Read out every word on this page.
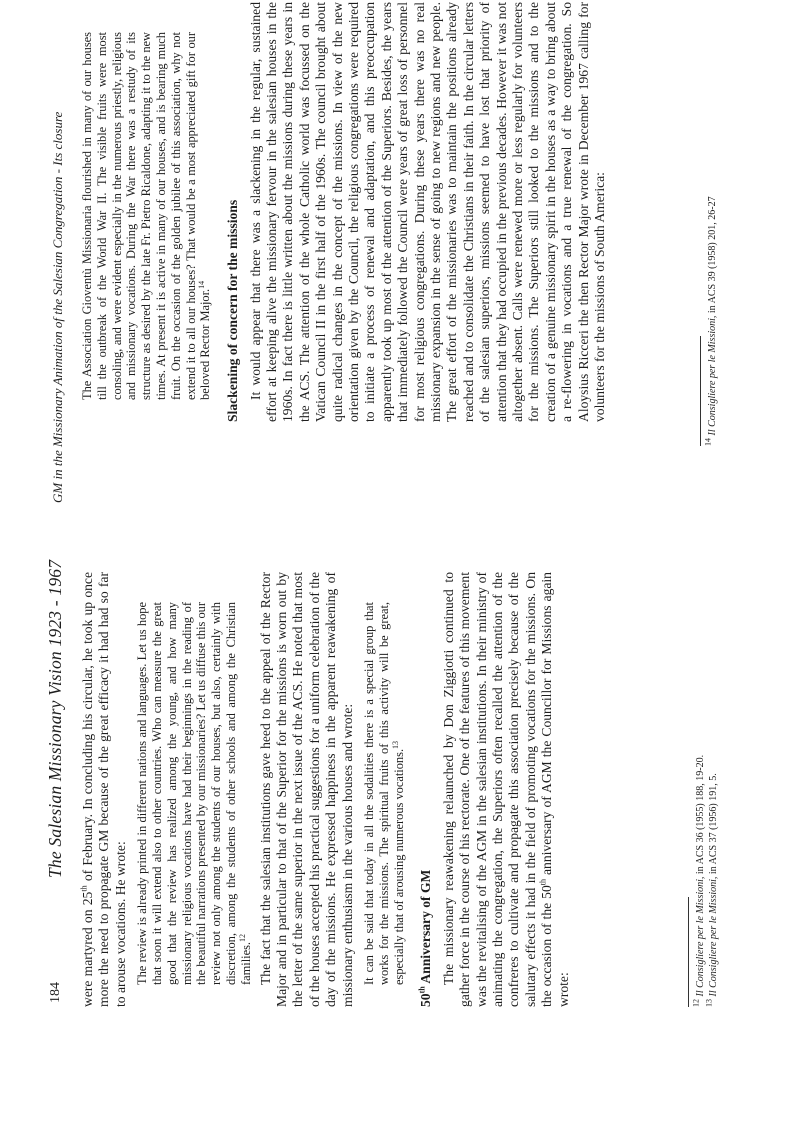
184
The Salesian Missionary Vision 1923 - 1967

were martyred on 25th of February. In concluding his circular, he took up once more the need to propagate GM because of the great efficacy it had had so far to arouse vocations. He wrote: The review is already printed in different nations and languages. Let us hope that soon it will extend also to other countries. Who can measure the great good that the review has realized among the young, and how many missionary religious vocations have had their beginnings in the reading of the beautiful narrations presented by our missionaries? Let us diffuse this our review not only among the students of our houses, but also, certainly with discretion, among the students of other schools and among the Christian families.$^{12}$ The fact that the salesian institutions gave heed to the appeal of the Rector Major and in particular to that of the Superior for the missions is worn out by the letter of the same superior in the next issue of the ACS. He noted that most of the houses accepted his practical suggestions for a uniform celebration of the day of the missions. He expressed happiness in the apparent reawakening of missionary enthusiasm in the various houses and wrote: It can be said that today in all the sodalities there is a special group that works for the missions. The spiritual fruits of this activity will be great, especially that of arousing numerous vocations.$^{13}$
50th Anniversary of GM The missionary reawakening relaunched by Don Ziggiotti continued to gather force in the course of his rectorate. One of the features of this movement was the revitalising of the AGM in the salesian institutions. In their ministry of animating the congregation, the Superiors often recalled the attention of the confreres to cultivate and propagate this association precisely because of the salutary effects it had in the field of promoting vocations for the missions. On the occasion of the 50th anniversary of AGM the Councillor for Missions again wrote:	$^{12}$ Il Consigliere per le Missioni, in ACS 36 (1955) 188, 19-20.
$^{13}$ Il Consigliere per le Missioni, in ACS 37 (1956) 191, 5.
GM in the Missionary Animation of the Salesian Congregation - Its closure The Association Gioventù Missionaria flourished in many of our houses till the outbreak of the World War II. The visible fruits were most consoling, and were evident especially in the numerous priestly, religious and missionary vocations. During the War there was a restudy of its structure as desired by the late Fr. Pietro Ricaldone, adapting it to the new times. At present it is active in many of our houses, and is bearing much fruit. On the occasion of the golden jubilee of this association, why not extend it to all our houses? That would be a most appreciated gift for our beloved Rector Major.$^{14}$	Slackening of concern for the missions It would appear that there was a slackening in the regular, sustained effort at keeping alive the missionary fervour in the salesian houses in the 1960s. In fact there is little written about the missions during these years in the ACS. The attention of the whole Catholic world was focussed on the Vatican Council II in the first half of the 1960s. The council brought about quite radical changes in the concept of the missions. In view of the new orientation given by the Council, the religious congregations were required to initiate a process of renewal and adaptation, and this preoccupation apparently took up most of the attention of the Superiors. Besides, the years that immediately followed the Council were years of great loss of personnel for most religious congregations. During these years there was no real missionary expansion in the sense of going to new regions and new people. The great effort of the missionaries was to maintain the positions already reached and to consolidate the Christians in their faith. In the circular letters of the salesian superiors, missions seemed to have lost that priority of attention that they had occupied in the previous decades. However it was not altogether absent. Calls were renewed more or less regularly for volunteers for the missions. The Superiors still looked to the missions and to the creation of a genuine missionary spirit in the houses as a way to bring about a re-flowering in vocations and a true renewal of the congregation. So Aloysius Ricceri the then Rector Major wrote in December 1967 calling for volunteers for the missions of South America:

$^{14}$ Il Consigliere per le Missioni, in ACS 39 (1958) 201, 26-27
